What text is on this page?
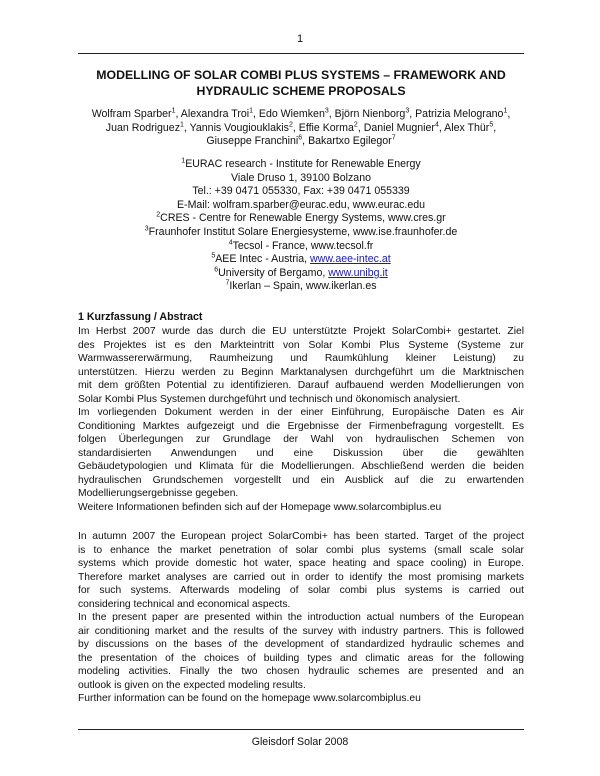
1
MODELLING OF SOLAR COMBI PLUS SYSTEMS – FRAMEWORK AND
HYDRAULIC SCHEME PROPOSALS
Wolfram Sparber$^1$, Alexandra Troi$^1$, Edo Wiemken$^3$, Björn Nienborg$^3$, Patrizia Melograno$^1$,
Juan Rodriguez$^1$, Yannis Vougiouklakis$^2$, Effie Korma$^2$, Daniel Mugnier$^4$, Alex Thür$^5$,
Giuseppe Franchini$^6$, Bakartxo Egilegor$^7$
$^1$EURAC research - Institute for Renewable Energy
Viale Druso 1, 39100 Bolzano
Tel.: +39 0471 055330, Fax: +39 0471 055339
E-Mail: wolfram.sparber@eurac.edu, www.eurac.edu
$^2$CRES - Centre for Renewable Energy Systems, www.cres.gr
$^3$Fraunhofer Institut Solare Energiesysteme, www.ise.fraunhofer.de
$^4$Tecsol - France, www.tecsol.fr
$^5$AEE Intec - Austria, www.aee-intec.at
$^6$University of Bergamo, www.unibg.it
$^7$Ikerlan – Spain, www.ikerlan.es
1 Kurzfassung / Abstract
Im Herbst 2007 wurde das durch die EU unterstützte Projekt SolarCombi+ gestartet. Ziel
des Projektes ist es den Markteintritt von Solar Kombi Plus Systeme (Systeme zur
Warmwassererwärmung, Raumheizung und Raumkühlung kleiner Leistung) zu
unterstützen. Hierzu werden zu Beginn Marktanalysen durchgeführt um die Marktnischen
mit dem größten Potential zu identifizieren. Darauf aufbauend werden Modellierungen von
Solar Kombi Plus Systemen durchgeführt und technisch und ökonomisch analysiert.
Im vorliegenden Dokument werden in der einer Einführung, Europäische Daten es Air
Conditioning Marktes aufgezeigt und die Ergebnisse der Firmenbefragung vorgestellt. Es
folgen Überlegungen zur Grundlage der Wahl von hydraulischen Schemen von
standardisierten Anwendungen und eine Diskussion über die gewählten
Gebäudetypologien und Klimata für die Modellierungen. Abschließend werden die beiden
hydraulischen Grundschemen vorgestellt und ein Ausblick auf die zu erwartenden
Modellierungsergebnisse gegeben.
Weitere Informationen befinden sich auf der Homepage www.solarcombiplus.eu
In autumn 2007 the European project SolarCombi+ has been started. Target of the project
is to enhance the market penetration of solar combi plus systems (small scale solar
systems which provide domestic hot water, space heating and space cooling) in Europe.
Therefore market analyses are carried out in order to identify the most promising markets
for such systems. Afterwards modeling of solar combi plus systems is carried out
considering technical and economical aspects.
In the present paper are presented within the introduction actual numbers of the European
air conditioning market and the results of the survey with industry partners. This is followed
by discussions on the bases of the development of standardized hydraulic schemes and
the presentation of the choices of building types and climatic areas for the following
modeling activities. Finally the two chosen hydraulic schemes are presented and an
outlook is given on the expected modeling results.
Further information can be found on the homepage www.solarcombiplus.eu
Gleisdorf Solar 2008
